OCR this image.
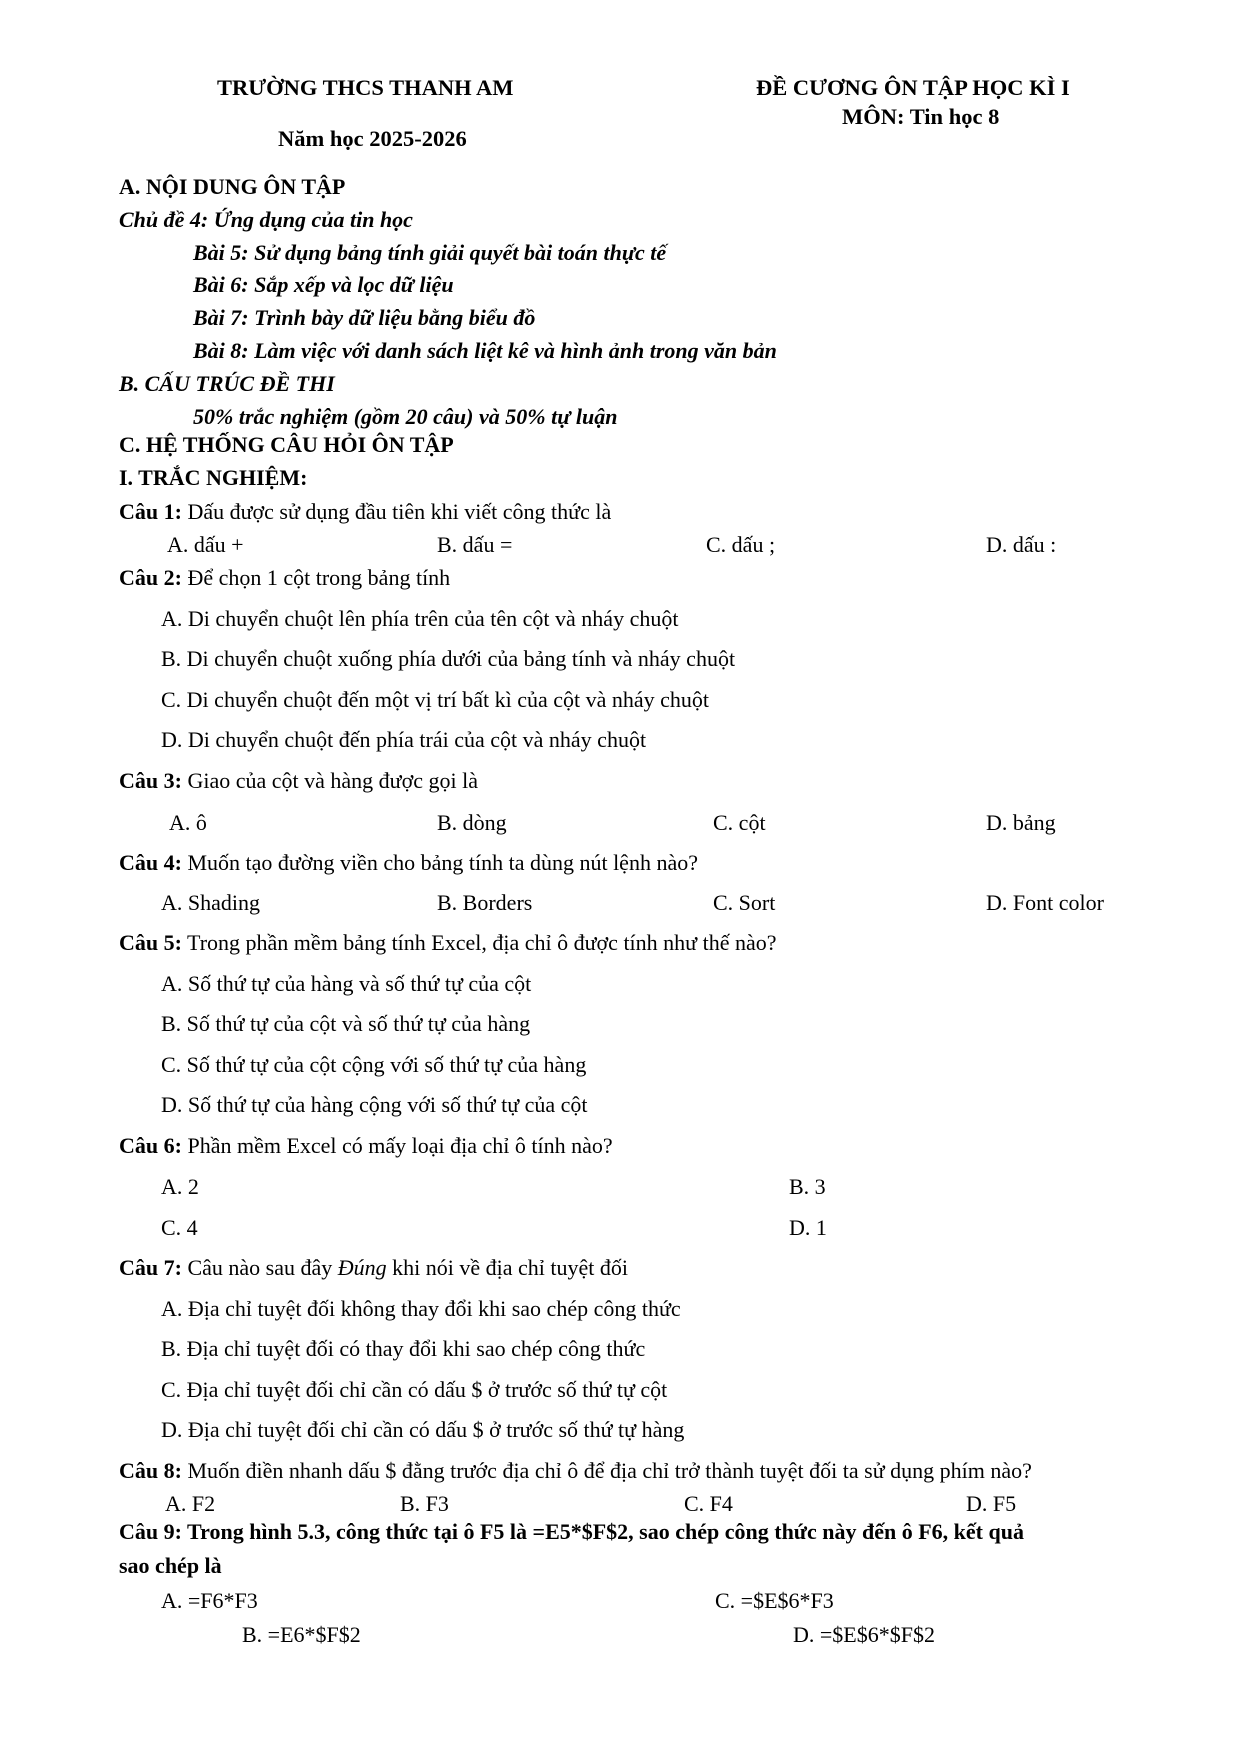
TRƯỜNG THCS THANH AM
Năm học 2025-2026
ĐỀ CƯƠNG ÔN TẬP HỌC KÌ I
MÔN: Tin học 8
A. NỘI DUNG ÔN TẬP
Chủ đề 4: Ứng dụng của tin học
Bài 5: Sử dụng bảng tính giải quyết bài toán thực tế
Bài 6: Sắp xếp và lọc dữ liệu
Bài 7: Trình bày dữ liệu bằng biểu đồ
Bài 8: Làm việc với danh sách liệt kê và hình ảnh trong văn bản
B. CẤU TRÚC ĐỀ THI
50% trắc nghiệm (gồm 20 câu) và 50% tự luận
C. HỆ THỐNG CÂU HỎI ÔN TẬP
I. TRẮC NGHIỆM:
Câu 1: Dấu được sử dụng đầu tiên khi viết công thức là
A. dấu +	B. dấu =	C. dấu ;	D. dấu :
Câu 2: Để chọn 1 cột trong bảng tính
A. Di chuyển chuột lên phía trên của tên cột và nháy chuột
B. Di chuyển chuột xuống phía dưới của bảng tính và nháy chuột
C. Di chuyển chuột đến một vị trí bất kì của cột và nháy chuột
D. Di chuyển chuột đến phía trái của cột và nháy chuột
Câu 3: Giao của cột và hàng được gọi là
A. ô	B. dòng	C. cột	D. bảng
Câu 4: Muốn tạo đường viền cho bảng tính ta dùng nút lệnh nào?
A. Shading	B. Borders	C. Sort	D. Font color
Câu 5: Trong phần mềm bảng tính Excel, địa chỉ ô được tính như thế nào?
A. Số thứ tự của hàng và số thứ tự của cột
B. Số thứ tự của cột và số thứ tự của hàng
C. Số thứ tự của cột cộng với số thứ tự của hàng
D. Số thứ tự của hàng cộng với số thứ tự của cột
Câu 6: Phần mềm Excel có mấy loại địa chỉ ô tính nào?
A. 2	B. 3
C. 4	D. 1
Câu 7: Câu nào sau đây Đúng khi nói về địa chỉ tuyệt đối
A. Địa chỉ tuyệt đối không thay đổi khi sao chép công thức
B. Địa chỉ tuyệt đối có thay đổi khi sao chép công thức
C. Địa chỉ tuyệt đối chỉ cần có dấu $ ở trước số thứ tự cột
D. Địa chỉ tuyệt đối chỉ cần có dấu $ ở trước số thứ tự hàng
Câu 8: Muốn điền nhanh dấu $ đằng trước địa chỉ ô để địa chỉ trở thành tuyệt đối ta sử dụng phím nào?
A. F2	B. F3	C. F4	D. F5
Câu 9: Trong hình 5.3, công thức tại ô F5 là =E5*$F$2, sao chép công thức này đến ô F6, kết quả
sao chép là
A. =F6*F3	C. =$E$6*F3
B. =E6*$F$2	D. =$E$6*$F$2
